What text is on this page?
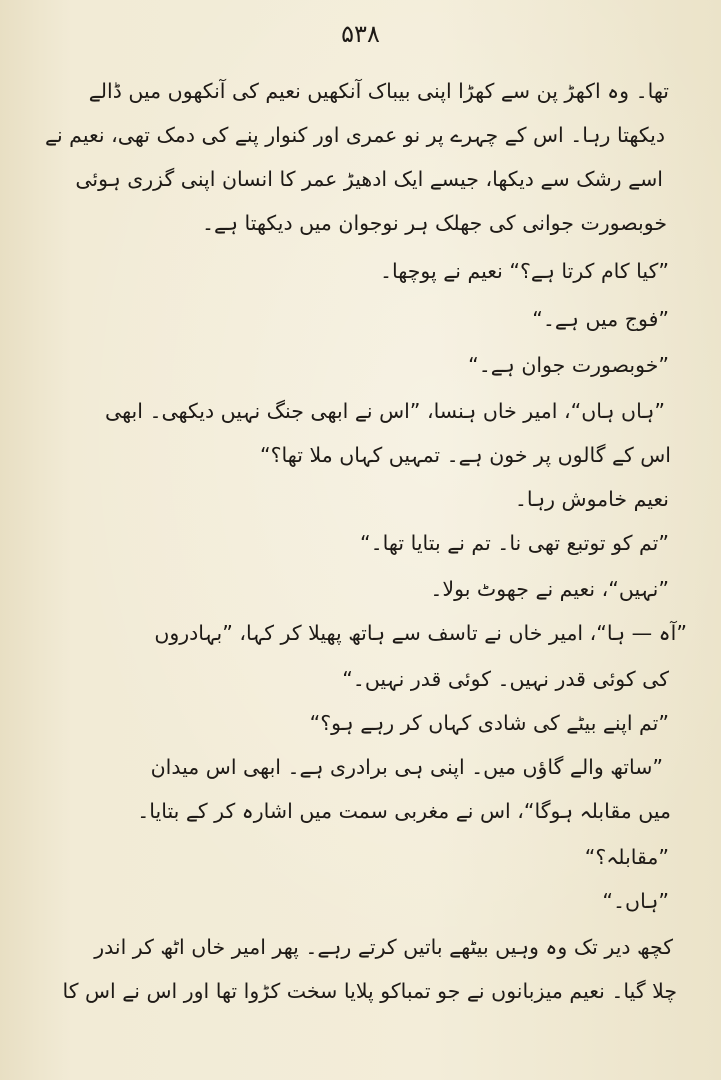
۵۳۸
تھا۔ وہ اکھڑ پن سے کھڑا اپنی بیباک آنکھیں نعیم کی آنکھوں میں ڈالے
دیکھتا رہا۔ اس کے چہرے پر نو عمری اور کنوار پنے کی دمک تھی، نعیم نے
اسے رشک سے دیکھا، جیسے ایک ادھیڑ عمر کا انسان اپنی گزری ہوئی
خوبصورت جوانی کی جھلک ہر نوجوان میں دیکھتا ہے۔
”کیا کام کرتا ہے؟“ نعیم نے پوچھا۔
”فوج میں ہے۔“
”خوبصورت جوان ہے۔“
”ہاں ہاں“، امیر خاں ہنسا، ”اس نے ابھی جنگ نہیں دیکھی۔ ابھی
اس کے گالوں پر خون ہے۔ تمہیں کہاں ملا تھا؟“
نعیم خاموش رہا۔
”تم کو توتبع تھی نا۔ تم نے بتایا تھا۔“
”نہیں“، نعیم نے جھوٹ بولا۔
”آہ — ہا“، امیر خاں نے تاسف سے ہاتھ پھیلا کر کہا، ”بہادروں
کی کوئی قدر نہیں۔ کوئی قدر نہیں۔“
”تم اپنے بیٹے کی شادی کہاں کر رہے ہو؟“
”ساتھ والے گاؤں میں۔ اپنی ہی برادری ہے۔ ابھی اس میدان
میں مقابلہ ہوگا“، اس نے مغربی سمت میں اشارہ کر کے بتایا۔
”مقابلہ؟“
”ہاں۔“
کچھ دیر تک وہ وہیں بیٹھے باتیں کرتے رہے۔ پھر امیر خاں اٹھ کر اندر
چلا گیا۔ نعیم میزبانوں نے جو تمباکو پلایا سخت کڑوا تھا اور اس نے اس کا
